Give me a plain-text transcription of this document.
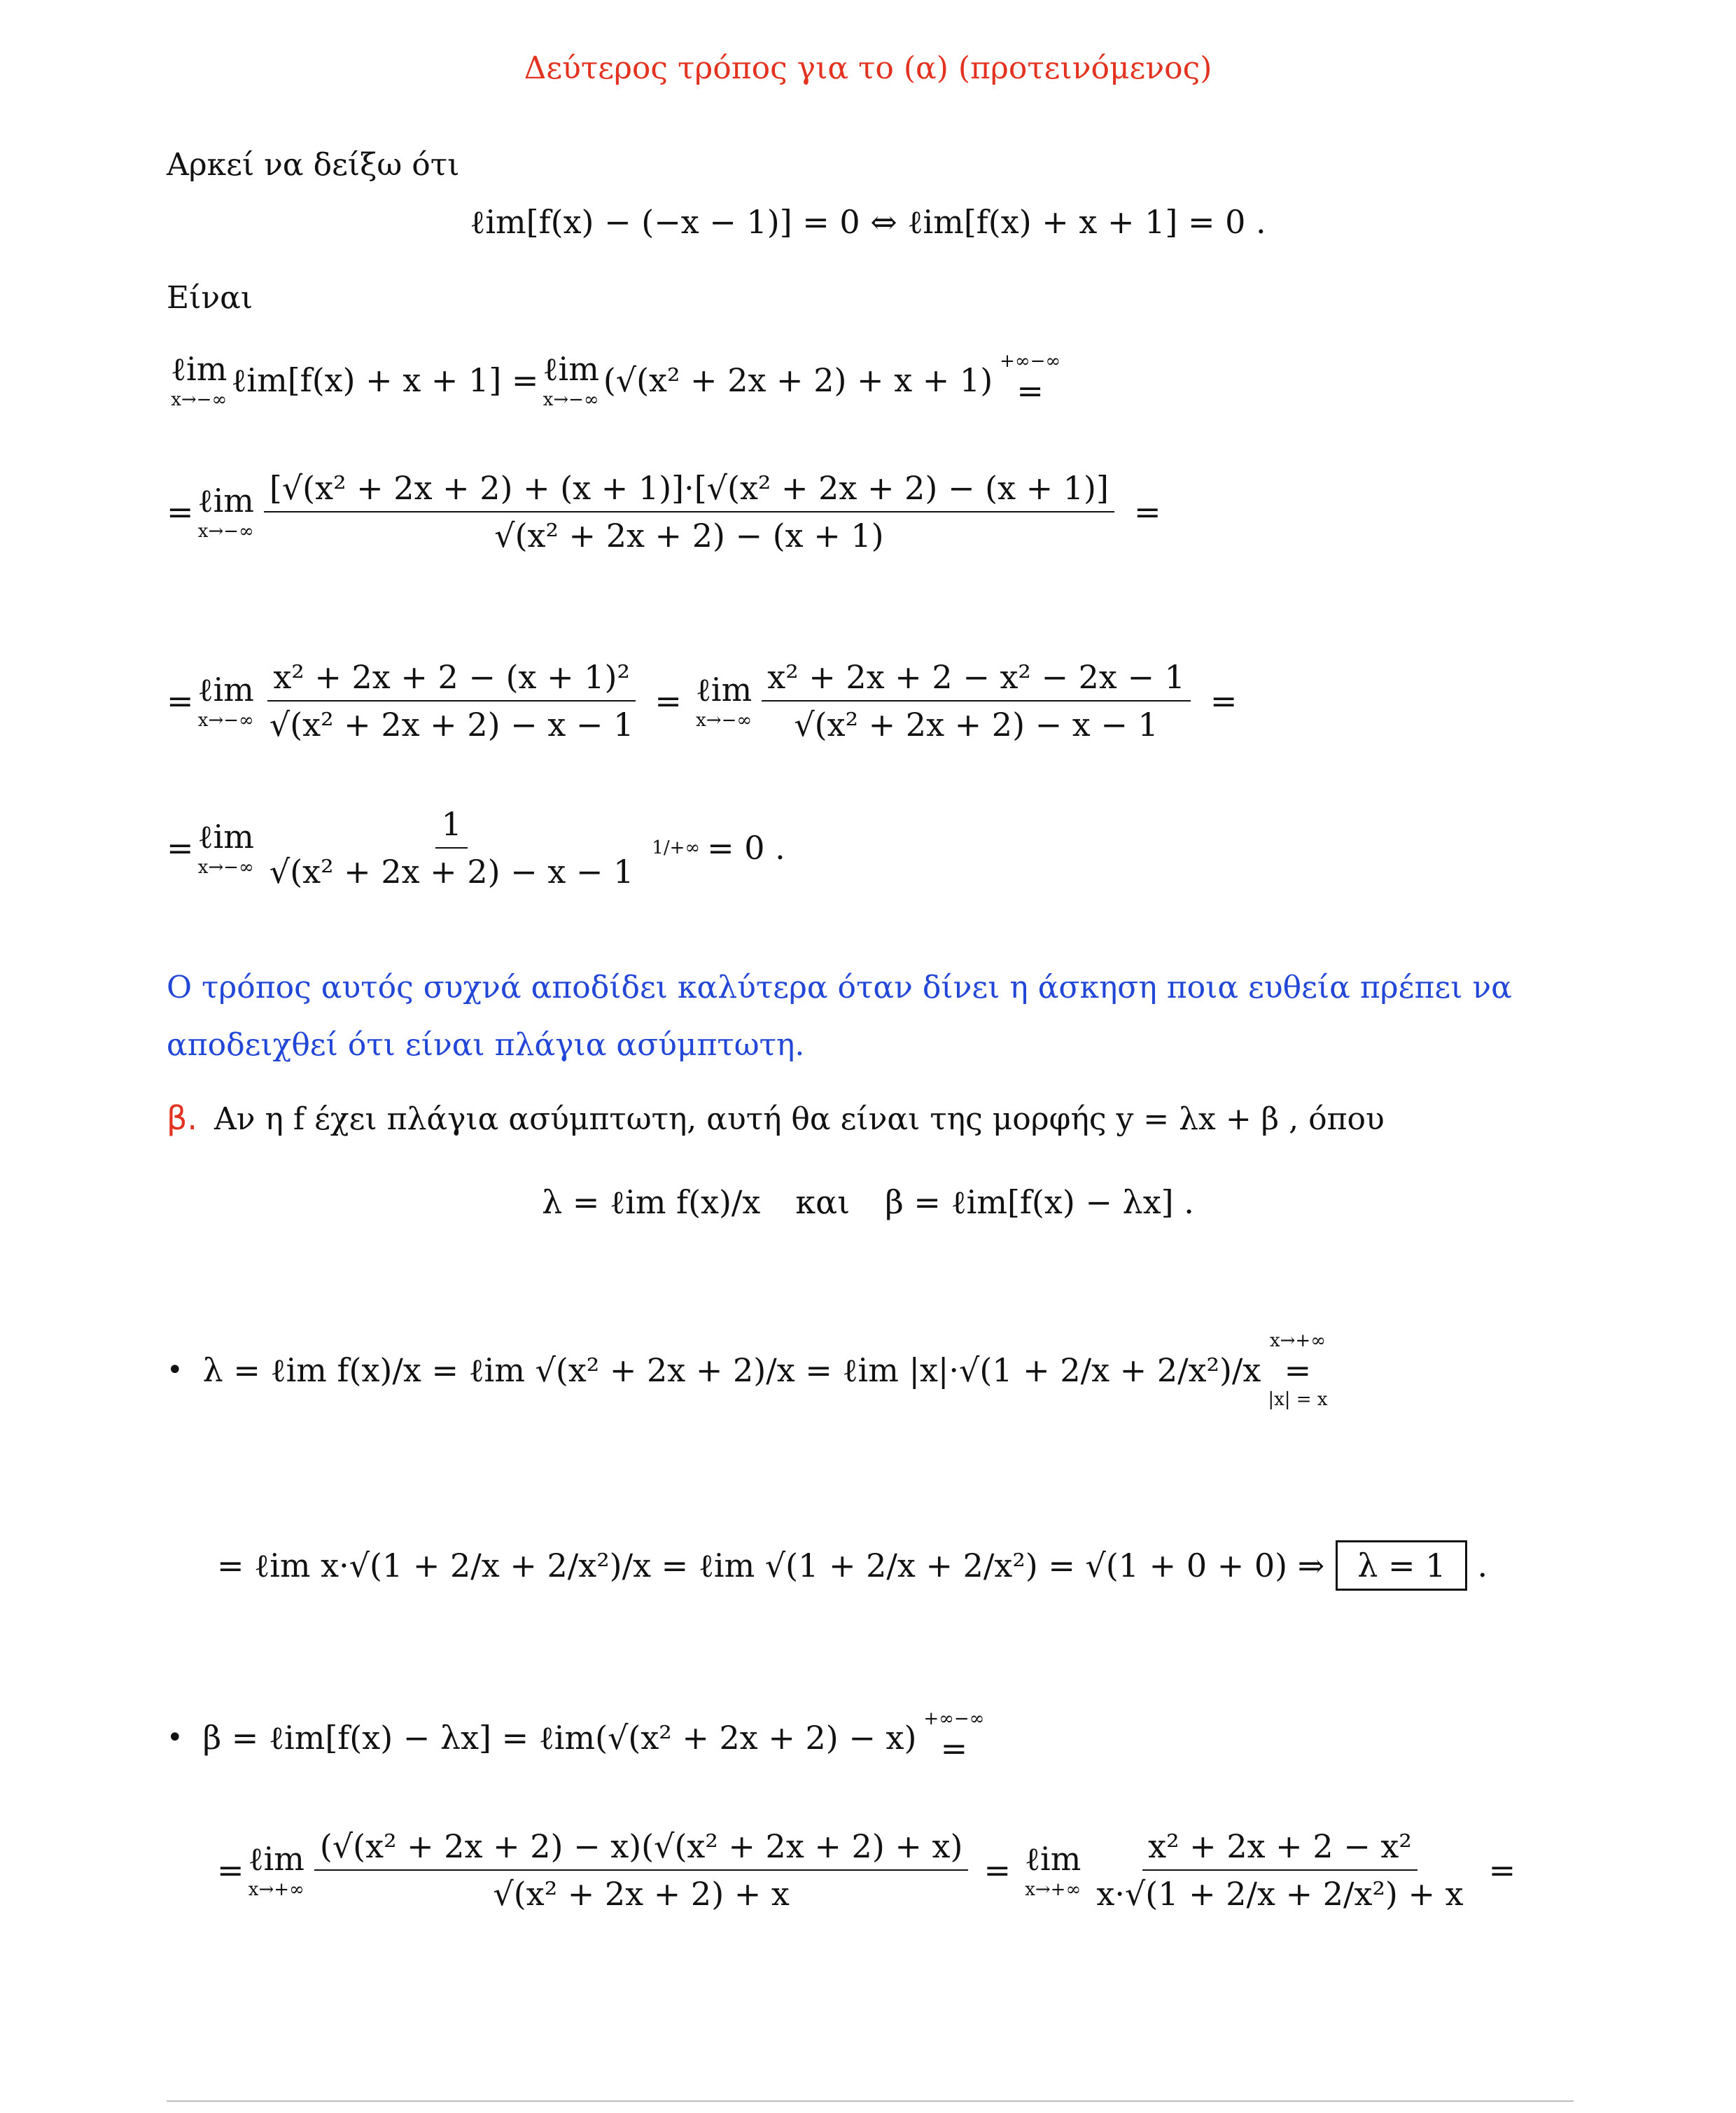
Δεύτερος τρόπος για το (α) (προτεινόμενος)
Αρκεί να δείξω ότι
ℓim[f(x) − (−x − 1)] = 0 ⇔ ℓim[f(x) + x + 1] = 0 .
Είναι
ℓim
x→−∞
ℓim[f(x) + x + 1] = ℓim
x→−∞
(√(x² + 2x + 2) + x + 1) +∞−∞
=
= ℓim
$x\to-\infty \frac{\text{[√(x² + 2x + 2) + (x + 1)]·[√(x² + 2x + 2) − (x + 1)]}}{\text{√(x² + 2x + 2) − (x + 1)}}$ =
= ℓim
$x\to-\infty \frac{\text{x² + 2x + 2 − (x + 1)²}}{\text{√(x² + 2x + 2) − x − 1}}$ = ℓim
$x\to-\infty \frac{\text{x² + 2x + 2 − x² − 2x − 1}}{\text{√(x² + 2x + 2) − x − 1}}$ =
= ℓim
$x\to-\infty \frac{1}{\text{√(x² + 2x + 2) − x − 1}} 1/+\infty = 0$ .
Ο τρόπος αυτός συχνά αποδίδει καλύτερα όταν δίνει η άσκηση ποια ευθεία πρέπει να αποδειχθεί ότι είναι πλάγια ασύμπτωτη.
β. Αν η f έχει πλάγια ασύμπτωτη, αυτή θα είναι της μορφής y = λx + β , όπου
λ = ℓim f(x)/x και β = ℓim[f(x) − λx] .
• λ = ℓim f(x)/x = ℓim √(x² + 2x + 2)/x = ℓim |x|·√(1 + 2/x + 2/x²)/x
x→+∞
=
|x| = x
= ℓim x·√(1 + 2/x + 2/x²)/x = ℓim √(1 + 2/x + 2/x²) = √(1 + 0 + 0) ⇒	λ = 1 .
• β = ℓim[f(x) − λx] = ℓim(√(x² + 2x + 2) − x) +∞−∞
=
= ℓim
$x\to+\infty \frac{\text{(√(x² + 2x + 2) − x)(√(x² + 2x + 2) + x)}}{\text{√(x² + 2x + 2) + x}}$ = ℓim
$x\to+\infty \frac{\text{x² + 2x + 2 − x²}}{\text{x·√(1 + 2/x + 2/x²) + x}}$ =
